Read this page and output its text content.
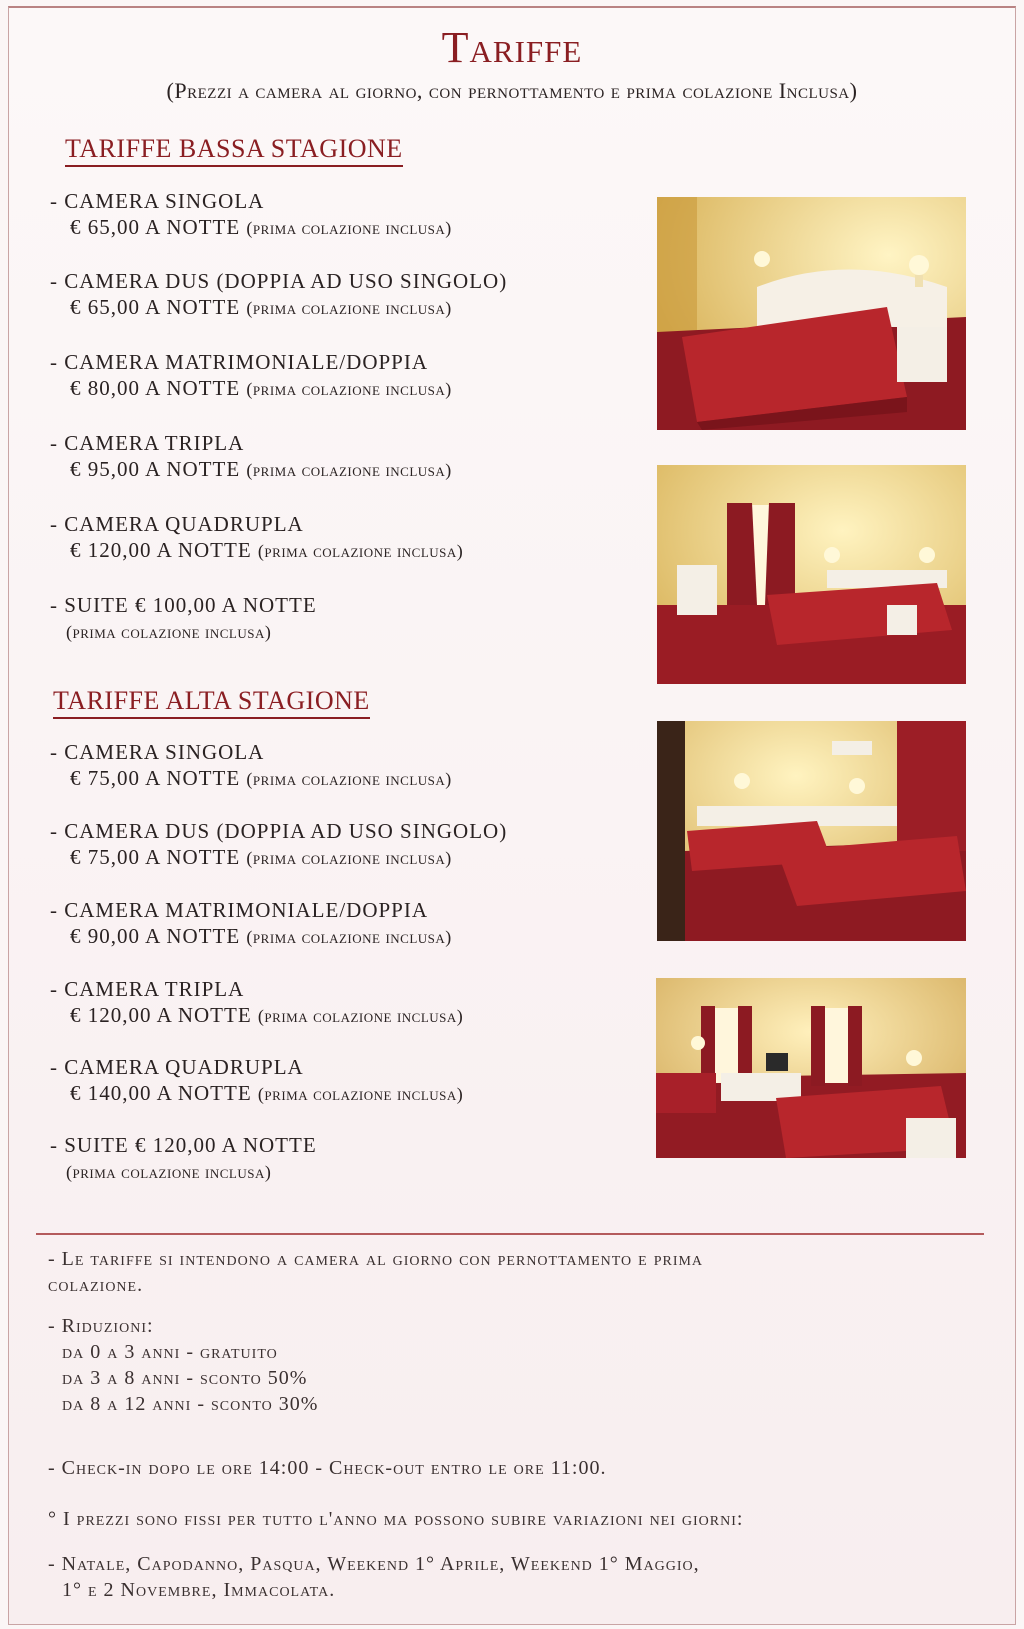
Tariffe
(Prezzi a camera al giorno, con pernottamento e prima colazione Inclusa)
TARIFFE BASSA STAGIONE
- CAMERA SINGOLA
€ 65,00 A NOTTE (prima colazione inclusa)
- CAMERA DUS (DOPPIA AD USO SINGOLO)
€ 65,00 A NOTTE (prima colazione inclusa)
- CAMERA MATRIMONIALE/DOPPIA
€ 80,00 A NOTTE (prima colazione inclusa)
- CAMERA TRIPLA
€ 95,00 A NOTTE (prima colazione inclusa)
- CAMERA QUADRUPLA
€ 120,00 A NOTTE (prima colazione inclusa)
- SUITE € 100,00 A NOTTE
(prima colazione inclusa)
TARIFFE ALTA STAGIONE
- CAMERA SINGOLA
€ 75,00 A NOTTE (prima colazione inclusa)
- CAMERA DUS (DOPPIA AD USO SINGOLO)
€ 75,00 A NOTTE (prima colazione inclusa)
- CAMERA MATRIMONIALE/DOPPIA
€ 90,00 A NOTTE (prima colazione inclusa)
- CAMERA TRIPLA
€ 120,00 A NOTTE (prima colazione inclusa)
- CAMERA QUADRUPLA
€ 140,00 A NOTTE (prima colazione inclusa)
- SUITE € 120,00 A NOTTE
(prima colazione inclusa)
- Le tariffe si intendono a camera al giorno con pernottamento e prima
colazione.
- Riduzioni:
da 0 a 3 anni - gratuito
da 3 a 8 anni - sconto 50%
da 8 a 12 anni - sconto 30%
- Check-in dopo le ore 14:00 - Check-out entro le ore 11:00.
° I prezzi sono fissi per tutto l'anno ma possono subire variazioni nei giorni:
- Natale, Capodanno, Pasqua, Weekend 1° Aprile, Weekend 1° Maggio,
1° e 2 Novembre, Immacolata.
